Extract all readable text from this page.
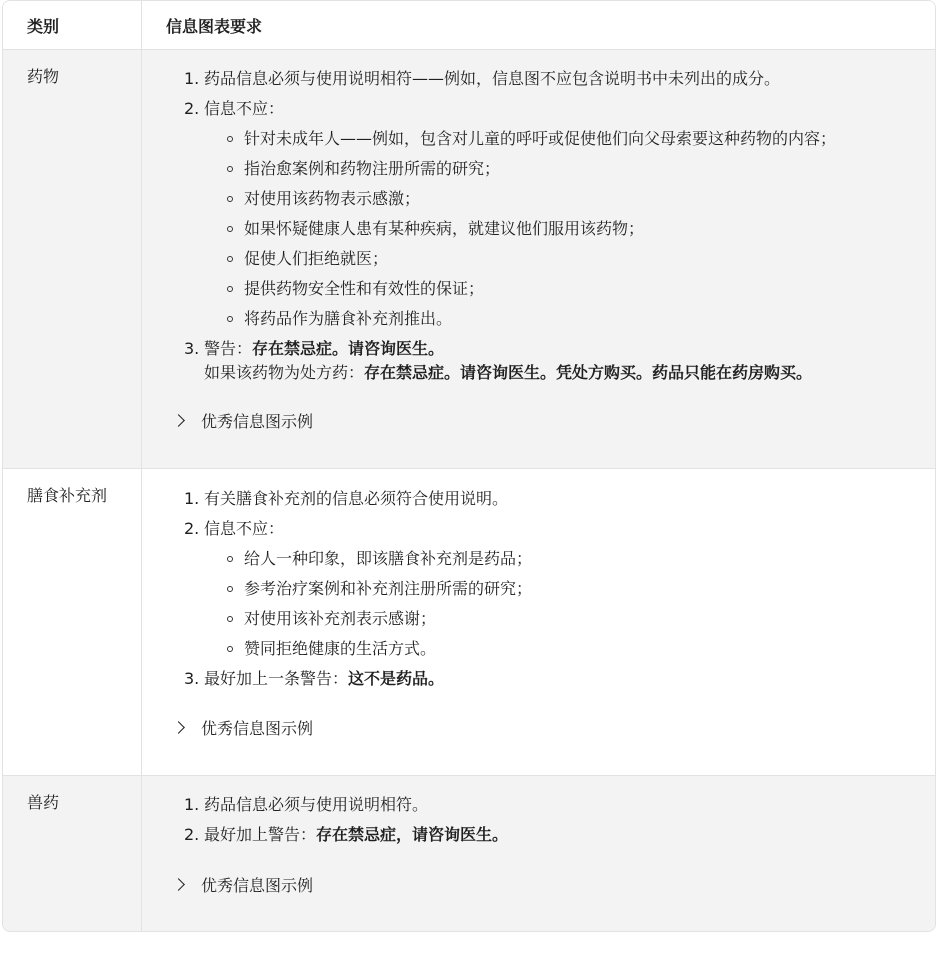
类别	信息图表要求
药物	1. 药品信息必须与使用说明相符——例如，信息图不应包含说明书中未列出的成分。
2. 信息不应：
针对未成年人——例如，包含对儿童的呼吁或促使他们向父母索要这种药物的内容；
指治愈案例和药物注册所需的研究；
对使用该药物表示感激；
如果怀疑健康人患有某种疾病，就建议他们服用该药物；
促使人们拒绝就医；
提供药物安全性和有效性的保证；
将药品作为膳食补充剂推出。
3. 警告：存在禁忌症。请咨询医生。
如果该药物为处方药：存在禁忌症。请咨询医生。凭处方购买。药品只能在药房购买。
优秀信息图示例
膳食补充剂	1. 有关膳食补充剂的信息必须符合使用说明。
2. 信息不应：
给人一种印象，即该膳食补充剂是药品；
参考治疗案例和补充剂注册所需的研究；
对使用该补充剂表示感谢；
赞同拒绝健康的生活方式。
3. 最好加上一条警告：这不是药品。
优秀信息图示例
兽药	1. 药品信息必须与使用说明相符。
2. 最好加上警告：存在禁忌症，请咨询医生。
优秀信息图示例
